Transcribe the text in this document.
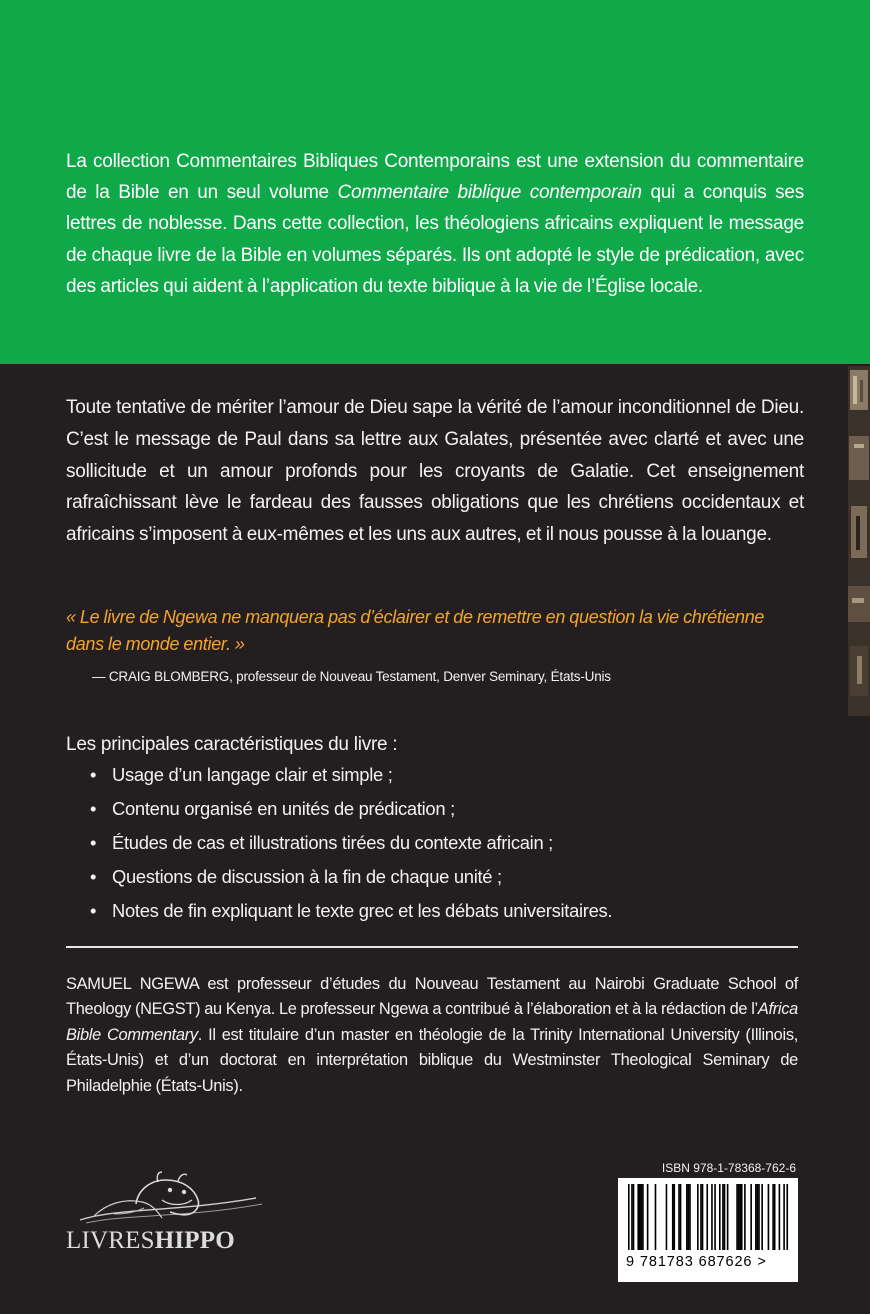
La collection Commentaires Bibliques Contemporains est une extension du commentaire de la Bible en un seul volume Commentaire biblique contemporain qui a conquis ses lettres de noblesse. Dans cette collection, les théologiens africains expliquent le message de chaque livre de la Bible en volumes séparés. Ils ont adopté le style de prédication, avec des articles qui aident à l’application du texte biblique à la vie de l’Église locale.

Toute tentative de mériter l’amour de Dieu sape la vérité de l’amour inconditionnel de Dieu. C’est le message de Paul dans sa lettre aux Galates, présentée avec clarté et avec une sollicitude et un amour profonds pour les croyants de Galatie. Cet enseignement rafraîchissant lève le fardeau des fausses obligations que les chrétiens occidentaux et africains s’imposent à eux-mêmes et les uns aux autres, et il nous pousse à la louange.

« Le livre de Ngewa ne manquera pas d’éclairer et de remettre en question la vie chrétienne dans le monde entier. »

— CRAIG BLOMBERG, professeur de Nouveau Testament, Denver Seminary, États-Unis

Les principales caractéristiques du livre :

• Usage d’un langage clair et simple ;
• Contenu organisé en unités de prédication ;
• Études de cas et illustrations tirées du contexte africain ;
• Questions de discussion à la fin de chaque unité ;
• Notes de fin expliquant le texte grec et les débats universitaires.

SAMUEL NGEWA est professeur d’études du Nouveau Testament au Nairobi Graduate School of Theology (NEGST) au Kenya. Le professeur Ngewa a contribué à l’élaboration et à la rédaction de l’Africa Bible Commentary. Il est titulaire d’un master en théologie de la Trinity International University (Illinois, États-Unis) et d’un doctorat en interprétation biblique du Westminster Theological Seminary de Philadelphie (États-Unis).

ISBN 978-1-78368-762-6

9 781783 687626 >

LIVRESHIPPO
